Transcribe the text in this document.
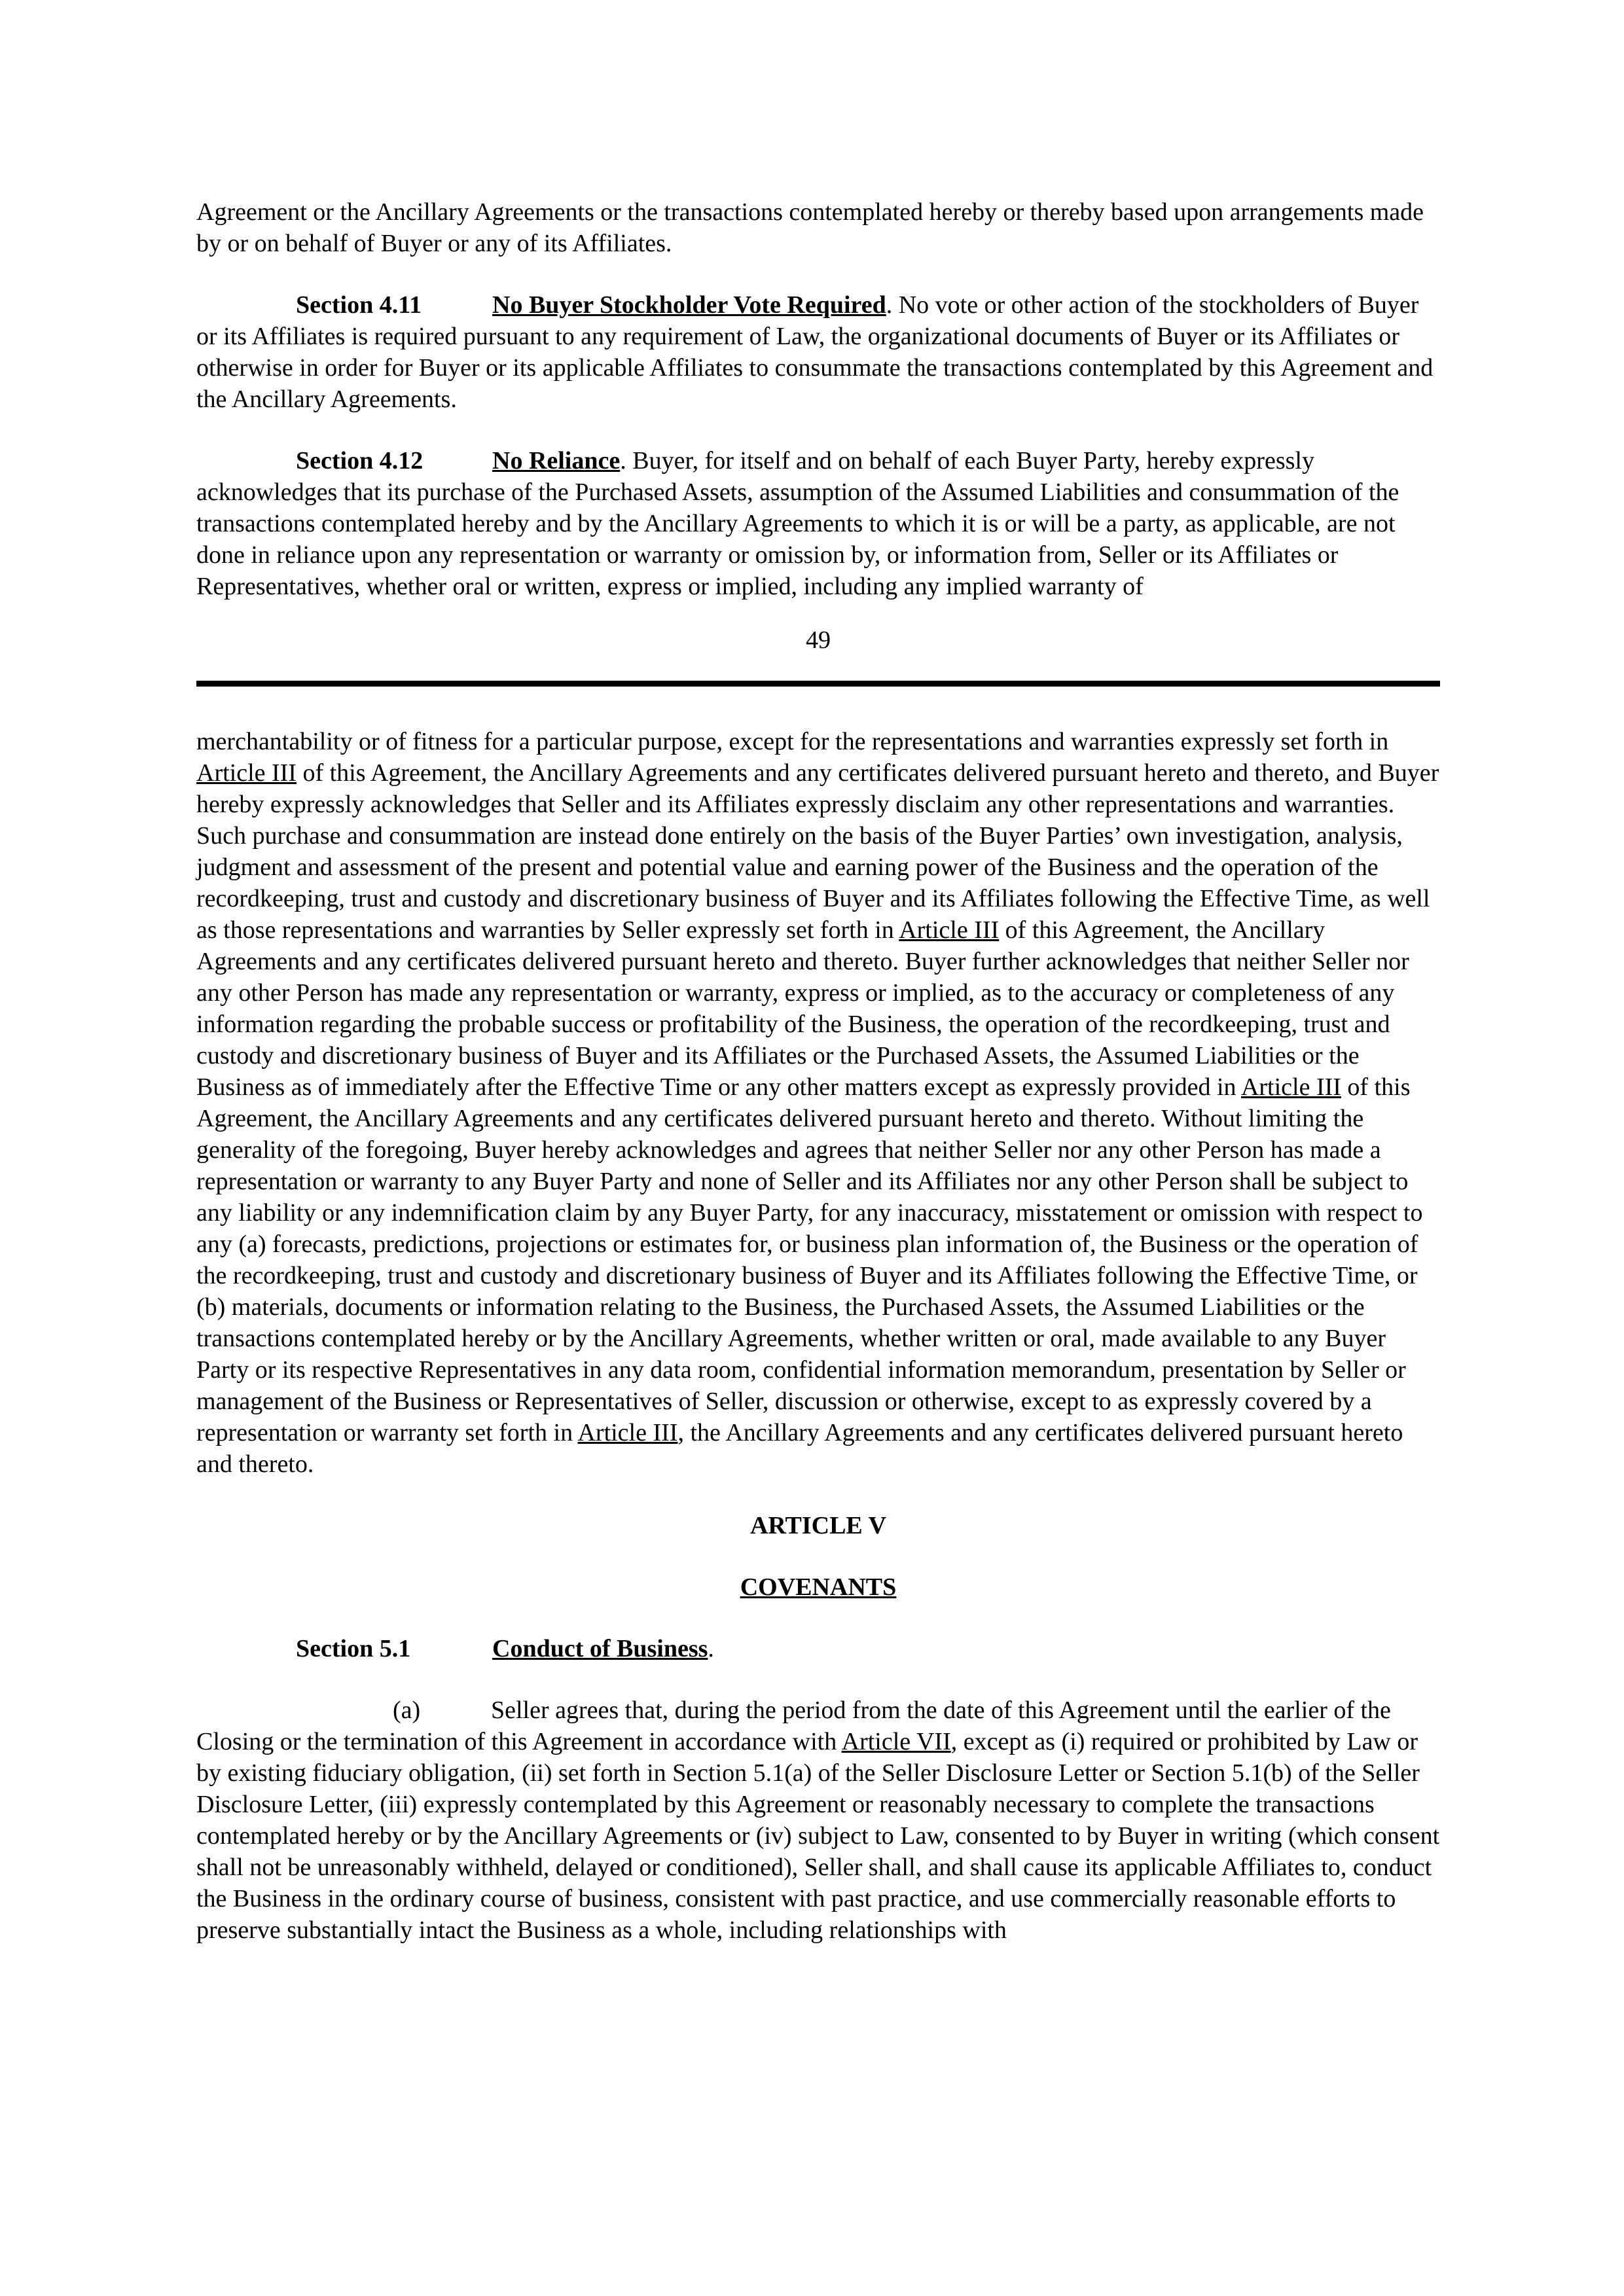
Agreement or the Ancillary Agreements or the transactions contemplated hereby or thereby based upon arrangements made by or on behalf of Buyer or any of its Affiliates.

Section 4.11	No Buyer Stockholder Vote Required. No vote or other action of the stockholders of Buyer or its Affiliates is required pursuant to any requirement of Law, the organizational documents of Buyer or its Affiliates or otherwise in order for Buyer or its applicable Affiliates to consummate the transactions contemplated by this Agreement and the Ancillary Agreements.

Section 4.12	No Reliance. Buyer, for itself and on behalf of each Buyer Party, hereby expressly acknowledges that its purchase of the Purchased Assets, assumption of the Assumed Liabilities and consummation of the transactions contemplated hereby and by the Ancillary Agreements to which it is or will be a party, as applicable, are not done in reliance upon any representation or warranty or omission by, or information from, Seller or its Affiliates or Representatives, whether oral or written, express or implied, including any implied warranty of

49

merchantability or of fitness for a particular purpose, except for the representations and warranties expressly set forth in Article III of this Agreement, the Ancillary Agreements and any certificates delivered pursuant hereto and thereto, and Buyer hereby expressly acknowledges that Seller and its Affiliates expressly disclaim any other representations and warranties. Such purchase and consummation are instead done entirely on the basis of the Buyer Parties’ own investigation, analysis, judgment and assessment of the present and potential value and earning power of the Business and the operation of the recordkeeping, trust and custody and discretionary business of Buyer and its Affiliates following the Effective Time, as well as those representations and warranties by Seller expressly set forth in Article III of this Agreement, the Ancillary Agreements and any certificates delivered pursuant hereto and thereto. Buyer further acknowledges that neither Seller nor any other Person has made any representation or warranty, express or implied, as to the accuracy or completeness of any information regarding the probable success or profitability of the Business, the operation of the recordkeeping, trust and custody and discretionary business of Buyer and its Affiliates or the Purchased Assets, the Assumed Liabilities or the Business as of immediately after the Effective Time or any other matters except as expressly provided in Article III of this Agreement, the Ancillary Agreements and any certificates delivered pursuant hereto and thereto. Without limiting the generality of the foregoing, Buyer hereby acknowledges and agrees that neither Seller nor any other Person has made a representation or warranty to any Buyer Party and none of Seller and its Affiliates nor any other Person shall be subject to any liability or any indemnification claim by any Buyer Party, for any inaccuracy, misstatement or omission with respect to any (a) forecasts, predictions, projections or estimates for, or business plan information of, the Business or the operation of the recordkeeping, trust and custody and discretionary business of Buyer and its Affiliates following the Effective Time, or (b) materials, documents or information relating to the Business, the Purchased Assets, the Assumed Liabilities or the transactions contemplated hereby or by the Ancillary Agreements, whether written or oral, made available to any Buyer Party or its respective Representatives in any data room, confidential information memorandum, presentation by Seller or management of the Business or Representatives of Seller, discussion or otherwise, except to as expressly covered by a representation or warranty set forth in Article III, the Ancillary Agreements and any certificates delivered pursuant hereto and thereto.

ARTICLE V

COVENANTS

Section 5.1	Conduct of Business.

(a)	Seller agrees that, during the period from the date of this Agreement until the earlier of the Closing or the termination of this Agreement in accordance with Article VII, except as (i) required or prohibited by Law or by existing fiduciary obligation, (ii) set forth in Section 5.1(a) of the Seller Disclosure Letter or Section 5.1(b) of the Seller Disclosure Letter, (iii) expressly contemplated by this Agreement or reasonably necessary to complete the transactions contemplated hereby or by the Ancillary Agreements or (iv) subject to Law, consented to by Buyer in writing (which consent shall not be unreasonably withheld, delayed or conditioned), Seller shall, and shall cause its applicable Affiliates to, conduct the Business in the ordinary course of business, consistent with past practice, and use commercially reasonable efforts to preserve substantially intact the Business as a whole, including relationships with
